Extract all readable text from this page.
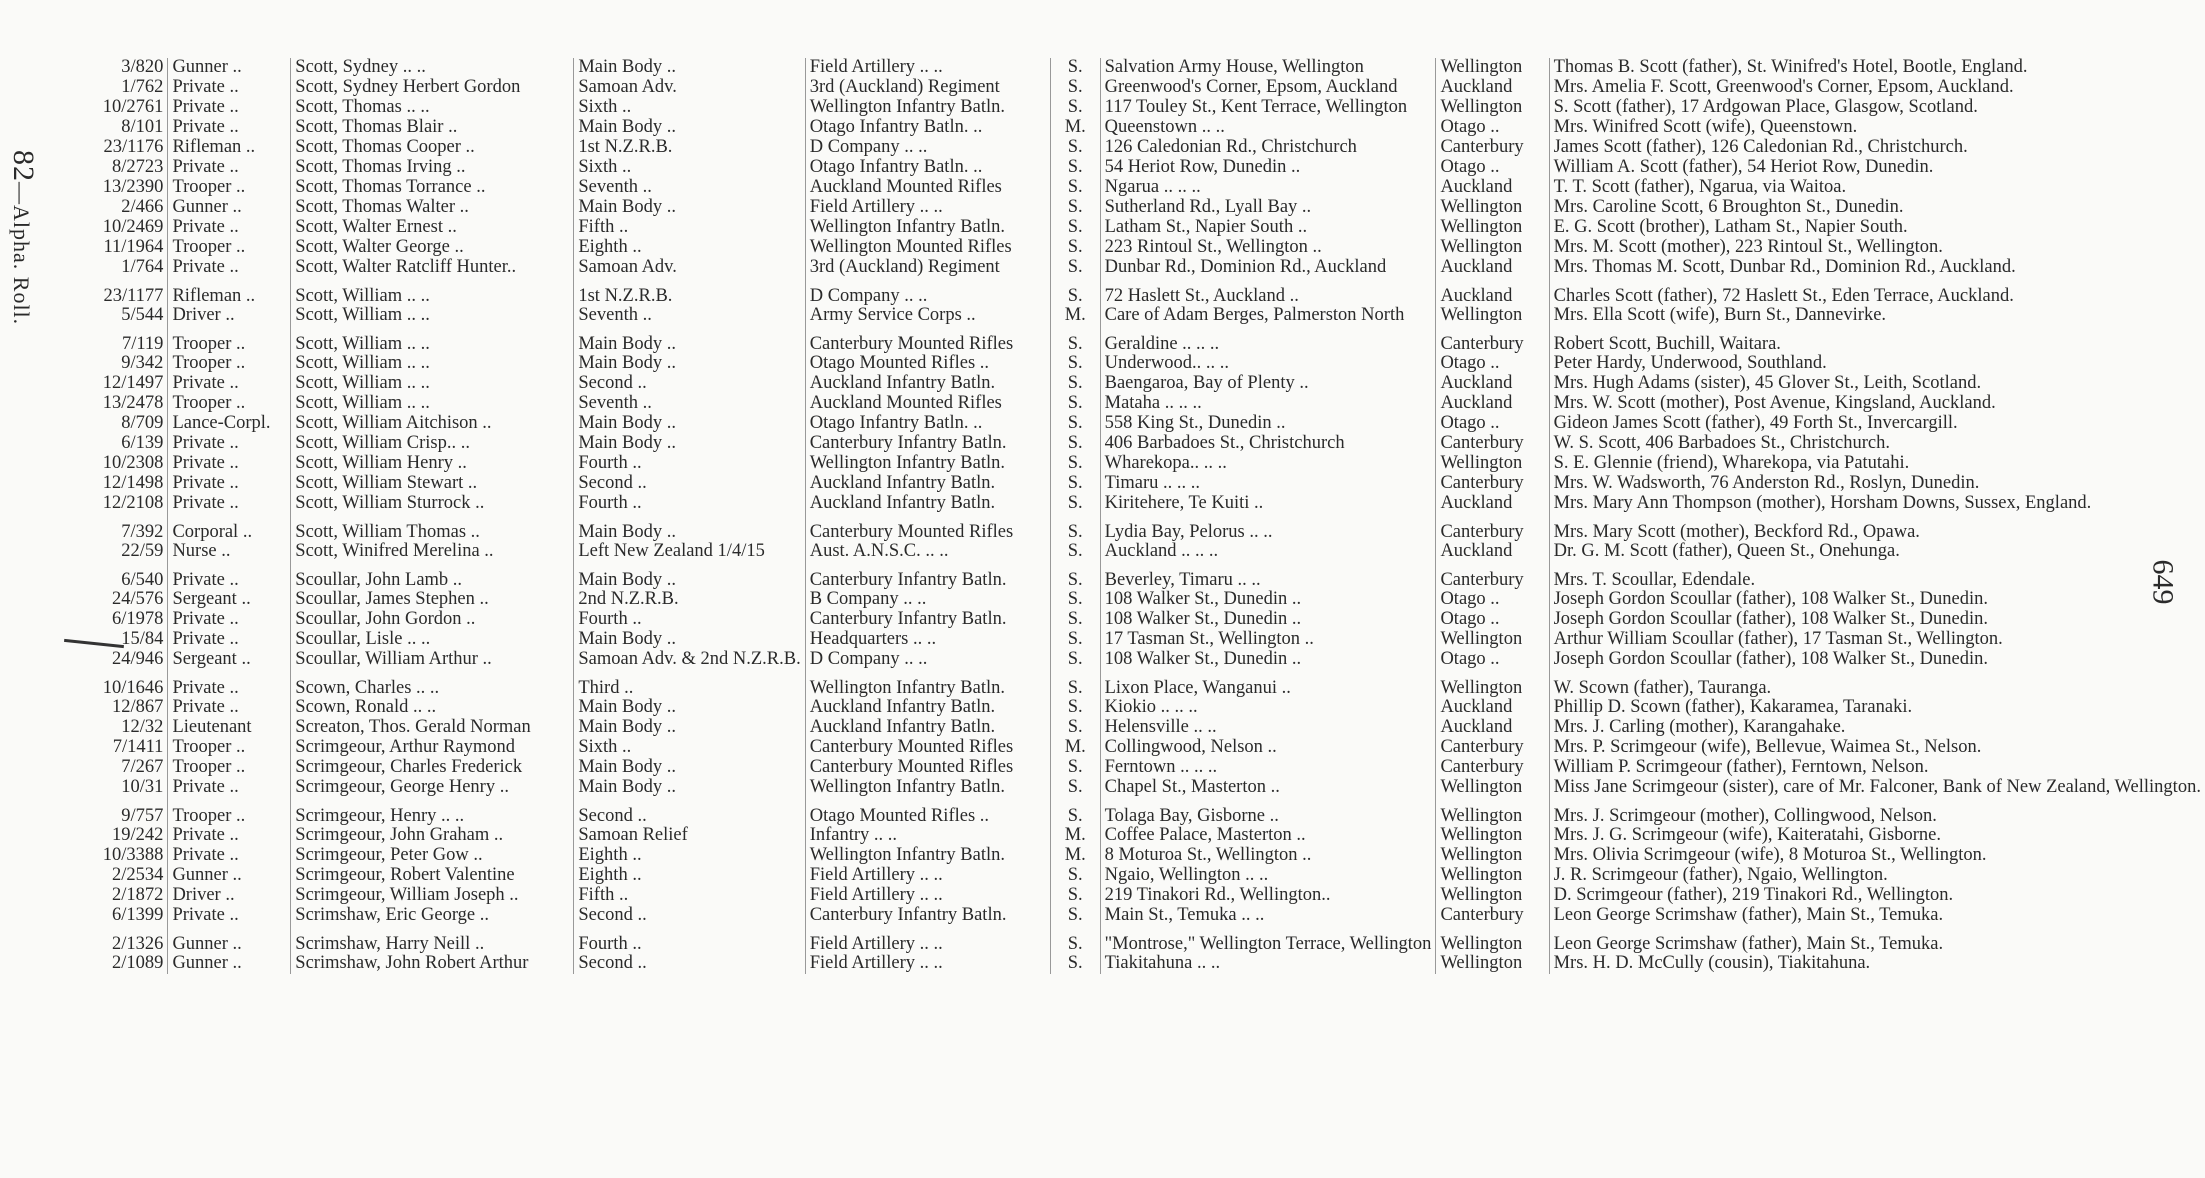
82—Alpha. Roll.
649
3/820	Gunner ..	Scott, Sydney .. ..	Main Body ..	Field Artillery .. ..	S.	Salvation Army House, Wellington	Wellington	Thomas B. Scott (father), St. Winifred's Hotel, Bootle, England.
1/762	Private ..	Scott, Sydney Herbert Gordon	Samoan Adv.	3rd (Auckland) Regiment	S.	Greenwood's Corner, Epsom, Auckland	Auckland	Mrs. Amelia F. Scott, Greenwood's Corner, Epsom, Auckland.
10/2761	Private ..	Scott, Thomas .. ..	Sixth ..	Wellington Infantry Batln.	S.	117 Touley St., Kent Terrace, Wellington	Wellington	S. Scott (father), 17 Ardgowan Place, Glasgow, Scotland.
8/101	Private ..	Scott, Thomas Blair ..	Main Body ..	Otago Infantry Batln. ..	M.	Queenstown .. ..	Otago ..	Mrs. Winifred Scott (wife), Queenstown.
23/1176	Rifleman ..	Scott, Thomas Cooper ..	1st N.Z.R.B.	D Company .. ..	S.	126 Caledonian Rd., Christchurch	Canterbury	James Scott (father), 126 Caledonian Rd., Christchurch.
8/2723	Private ..	Scott, Thomas Irving ..	Sixth ..	Otago Infantry Batln. ..	S.	54 Heriot Row, Dunedin ..	Otago ..	William A. Scott (father), 54 Heriot Row, Dunedin.
13/2390	Trooper ..	Scott, Thomas Torrance ..	Seventh ..	Auckland Mounted Rifles	S.	Ngarua .. .. ..	Auckland	T. T. Scott (father), Ngarua, via Waitoa.
2/466	Gunner ..	Scott, Thomas Walter ..	Main Body ..	Field Artillery .. ..	S.	Sutherland Rd., Lyall Bay ..	Wellington	Mrs. Caroline Scott, 6 Broughton St., Dunedin.
10/2469	Private ..	Scott, Walter Ernest ..	Fifth ..	Wellington Infantry Batln.	S.	Latham St., Napier South ..	Wellington	E. G. Scott (brother), Latham St., Napier South.
11/1964	Trooper ..	Scott, Walter George ..	Eighth ..	Wellington Mounted Rifles	S.	223 Rintoul St., Wellington ..	Wellington	Mrs. M. Scott (mother), 223 Rintoul St., Wellington.
1/764	Private ..	Scott, Walter Ratcliff Hunter..	Samoan Adv.	3rd (Auckland) Regiment	S.	Dunbar Rd., Dominion Rd., Auckland	Auckland	Mrs. Thomas M. Scott, Dunbar Rd., Dominion Rd., Auckland.
23/1177	Rifleman ..	Scott, William .. ..	1st N.Z.R.B.	D Company .. ..	S.	72 Haslett St., Auckland ..	Auckland	Charles Scott (father), 72 Haslett St., Eden Terrace, Auckland.
5/544	Driver ..	Scott, William .. ..	Seventh ..	Army Service Corps ..	M.	Care of Adam Berges, Palmerston North	Wellington	Mrs. Ella Scott (wife), Burn St., Dannevirke.
7/119	Trooper ..	Scott, William .. ..	Main Body ..	Canterbury Mounted Rifles	S.	Geraldine .. .. ..	Canterbury	Robert Scott, Buchill, Waitara.
9/342	Trooper ..	Scott, William .. ..	Main Body ..	Otago Mounted Rifles ..	S.	Underwood.. .. ..	Otago ..	Peter Hardy, Underwood, Southland.
12/1497	Private ..	Scott, William .. ..	Second ..	Auckland Infantry Batln.	S.	Baengaroa, Bay of Plenty ..	Auckland	Mrs. Hugh Adams (sister), 45 Glover St., Leith, Scotland.
13/2478	Trooper ..	Scott, William .. ..	Seventh ..	Auckland Mounted Rifles	S.	Mataha .. .. ..	Auckland	Mrs. W. Scott (mother), Post Avenue, Kingsland, Auckland.
8/709	Lance-Corpl.	Scott, William Aitchison ..	Main Body ..	Otago Infantry Batln. ..	S.	558 King St., Dunedin ..	Otago ..	Gideon James Scott (father), 49 Forth St., Invercargill.
6/139	Private ..	Scott, William Crisp.. ..	Main Body ..	Canterbury Infantry Batln.	S.	406 Barbadoes St., Christchurch	Canterbury	W. S. Scott, 406 Barbadoes St., Christchurch.
10/2308	Private ..	Scott, William Henry ..	Fourth ..	Wellington Infantry Batln.	S.	Wharekopa.. .. ..	Wellington	S. E. Glennie (friend), Wharekopa, via Patutahi.
12/1498	Private ..	Scott, William Stewart ..	Second ..	Auckland Infantry Batln.	S.	Timaru .. .. ..	Canterbury	Mrs. W. Wadsworth, 76 Anderston Rd., Roslyn, Dunedin.
12/2108	Private ..	Scott, William Sturrock ..	Fourth ..	Auckland Infantry Batln.	S.	Kiritehere, Te Kuiti ..	Auckland	Mrs. Mary Ann Thompson (mother), Horsham Downs, Sussex, England.
7/392	Corporal ..	Scott, William Thomas ..	Main Body ..	Canterbury Mounted Rifles	S.	Lydia Bay, Pelorus .. ..	Canterbury	Mrs. Mary Scott (mother), Beckford Rd., Opawa.
22/59	Nurse ..	Scott, Winifred Merelina ..	Left New Zealand 1/4/15	Aust. A.N.S.C. .. ..	S.	Auckland .. .. ..	Auckland	Dr. G. M. Scott (father), Queen St., Onehunga.
6/540	Private ..	Scoullar, John Lamb ..	Main Body ..	Canterbury Infantry Batln.	S.	Beverley, Timaru .. ..	Canterbury	Mrs. T. Scoullar, Edendale.
24/576	Sergeant ..	Scoullar, James Stephen ..	2nd N.Z.R.B.	B Company .. ..	S.	108 Walker St., Dunedin ..	Otago ..	Joseph Gordon Scoullar (father), 108 Walker St., Dunedin.
6/1978	Private ..	Scoullar, John Gordon ..	Fourth ..	Canterbury Infantry Batln.	S.	108 Walker St., Dunedin ..	Otago ..	Joseph Gordon Scoullar (father), 108 Walker St., Dunedin.
15/84	Private ..	Scoullar, Lisle .. ..	Main Body ..	Headquarters .. ..	S.	17 Tasman St., Wellington ..	Wellington	Arthur William Scoullar (father), 17 Tasman St., Wellington.
24/946	Sergeant ..	Scoullar, William Arthur ..	Samoan Adv. & 2nd N.Z.R.B.	D Company .. ..	S.	108 Walker St., Dunedin ..	Otago ..	Joseph Gordon Scoullar (father), 108 Walker St., Dunedin.
10/1646	Private ..	Scown, Charles .. ..	Third ..	Wellington Infantry Batln.	S.	Lixon Place, Wanganui ..	Wellington	W. Scown (father), Tauranga.
12/867	Private ..	Scown, Ronald .. ..	Main Body ..	Auckland Infantry Batln.	S.	Kiokio .. .. ..	Auckland	Phillip D. Scown (father), Kakaramea, Taranaki.
12/32	Lieutenant	Screaton, Thos. Gerald Norman	Main Body ..	Auckland Infantry Batln.	S.	Helensville .. ..	Auckland	Mrs. J. Carling (mother), Karangahake.
7/1411	Trooper ..	Scrimgeour, Arthur Raymond	Sixth ..	Canterbury Mounted Rifles	M.	Collingwood, Nelson ..	Canterbury	Mrs. P. Scrimgeour (wife), Bellevue, Waimea St., Nelson.
7/267	Trooper ..	Scrimgeour, Charles Frederick	Main Body ..	Canterbury Mounted Rifles	S.	Ferntown .. .. ..	Canterbury	William P. Scrimgeour (father), Ferntown, Nelson.
10/31	Private ..	Scrimgeour, George Henry ..	Main Body ..	Wellington Infantry Batln.	S.	Chapel St., Masterton ..	Wellington	Miss Jane Scrimgeour (sister), care of Mr. Falconer, Bank of New Zealand, Wellington.
9/757	Trooper ..	Scrimgeour, Henry .. ..	Second ..	Otago Mounted Rifles ..	S.	Tolaga Bay, Gisborne ..	Wellington	Mrs. J. Scrimgeour (mother), Collingwood, Nelson.
19/242	Private ..	Scrimgeour, John Graham ..	Samoan Relief	Infantry .. ..	M.	Coffee Palace, Masterton ..	Wellington	Mrs. J. G. Scrimgeour (wife), Kaiteratahi, Gisborne.
10/3388	Private ..	Scrimgeour, Peter Gow ..	Eighth ..	Wellington Infantry Batln.	M.	8 Moturoa St., Wellington ..	Wellington	Mrs. Olivia Scrimgeour (wife), 8 Moturoa St., Wellington.
2/2534	Gunner ..	Scrimgeour, Robert Valentine	Eighth ..	Field Artillery .. ..	S.	Ngaio, Wellington .. ..	Wellington	J. R. Scrimgeour (father), Ngaio, Wellington.
2/1872	Driver ..	Scrimgeour, William Joseph ..	Fifth ..	Field Artillery .. ..	S.	219 Tinakori Rd., Wellington..	Wellington	D. Scrimgeour (father), 219 Tinakori Rd., Wellington.
6/1399	Private ..	Scrimshaw, Eric George ..	Second ..	Canterbury Infantry Batln.	S.	Main St., Temuka .. ..	Canterbury	Leon George Scrimshaw (father), Main St., Temuka.
2/1326	Gunner ..	Scrimshaw, Harry Neill ..	Fourth ..	Field Artillery .. ..	S.	"Montrose," Wellington Terrace, Wellington	Wellington	Leon George Scrimshaw (father), Main St., Temuka.
2/1089	Gunner ..	Scrimshaw, John Robert Arthur	Second ..	Field Artillery .. ..	S.	Tiakitahuna .. ..	Wellington	Mrs. H. D. McCully (cousin), Tiakitahuna.
